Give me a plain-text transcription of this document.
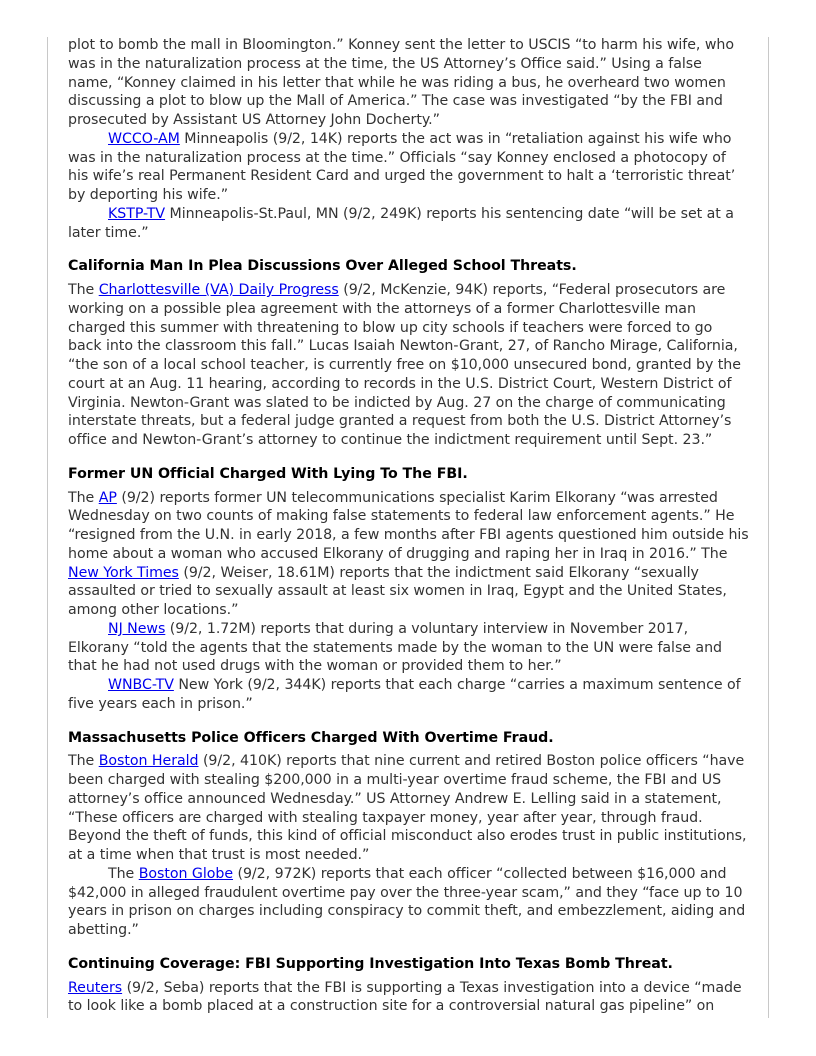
plot to bomb the mall in Bloomington.” Konney sent the letter to USCIS “to harm his wife, who was in the naturalization process at the time, the US Attorney’s Office said.” Using a false name, “Konney claimed in his letter that while he was riding a bus, he overheard two women discussing a plot to blow up the Mall of America.” The case was investigated “by the FBI and prosecuted by Assistant US Attorney John Docherty.”

WCCO-AM Minneapolis (9/2, 14K) reports the act was in “retaliation against his wife who was in the naturalization process at the time.” Officials “say Konney enclosed a photocopy of his wife’s real Permanent Resident Card and urged the government to halt a ‘terroristic threat’ by deporting his wife.”

KSTP-TV Minneapolis-St.Paul, MN (9/2, 249K) reports his sentencing date “will be set at a later time.”

California Man In Plea Discussions Over Alleged School Threats.

The Charlottesville (VA) Daily Progress (9/2, McKenzie, 94K) reports, “Federal prosecutors are working on a possible plea agreement with the attorneys of a former Charlottesville man charged this summer with threatening to blow up city schools if teachers were forced to go back into the classroom this fall.” Lucas Isaiah Newton-Grant, 27, of Rancho Mirage, California, “the son of a local school teacher, is currently free on $10,000 unsecured bond, granted by the court at an Aug. 11 hearing, according to records in the U.S. District Court, Western District of Virginia. Newton-Grant was slated to be indicted by Aug. 27 on the charge of communicating interstate threats, but a federal judge granted a request from both the U.S. District Attorney’s office and Newton-Grant’s attorney to continue the indictment requirement until Sept. 23.”

Former UN Official Charged With Lying To The FBI.

The AP (9/2) reports former UN telecommunications specialist Karim Elkorany “was arrested Wednesday on two counts of making false statements to federal law enforcement agents.” He “resigned from the U.N. in early 2018, a few months after FBI agents questioned him outside his home about a woman who accused Elkorany of drugging and raping her in Iraq in 2016.” The New York Times (9/2, Weiser, 18.61M) reports that the indictment said Elkorany “sexually assaulted or tried to sexually assault at least six women in Iraq, Egypt and the United States, among other locations.”

NJ News (9/2, 1.72M) reports that during a voluntary interview in November 2017, Elkorany “told the agents that the statements made by the woman to the UN were false and that he had not used drugs with the woman or provided them to her.”

WNBC-TV New York (9/2, 344K) reports that each charge “carries a maximum sentence of five years each in prison.”

Massachusetts Police Officers Charged With Overtime Fraud.

The Boston Herald (9/2, 410K) reports that nine current and retired Boston police officers “have been charged with stealing $200,000 in a multi-year overtime fraud scheme, the FBI and US attorney’s office announced Wednesday.” US Attorney Andrew E. Lelling said in a statement, “These officers are charged with stealing taxpayer money, year after year, through fraud. Beyond the theft of funds, this kind of official misconduct also erodes trust in public institutions, at a time when that trust is most needed.”

The Boston Globe (9/2, 972K) reports that each officer “collected between $16,000 and $42,000 in alleged fraudulent overtime pay over the three-year scam,” and they “face up to 10 years in prison on charges including conspiracy to commit theft, and embezzlement, aiding and abetting.”

Continuing Coverage: FBI Supporting Investigation Into Texas Bomb Threat.

Reuters (9/2, Seba) reports that the FBI is supporting a Texas investigation into a device “made to look like a bomb placed at a construction site for a controversial natural gas pipeline” on
